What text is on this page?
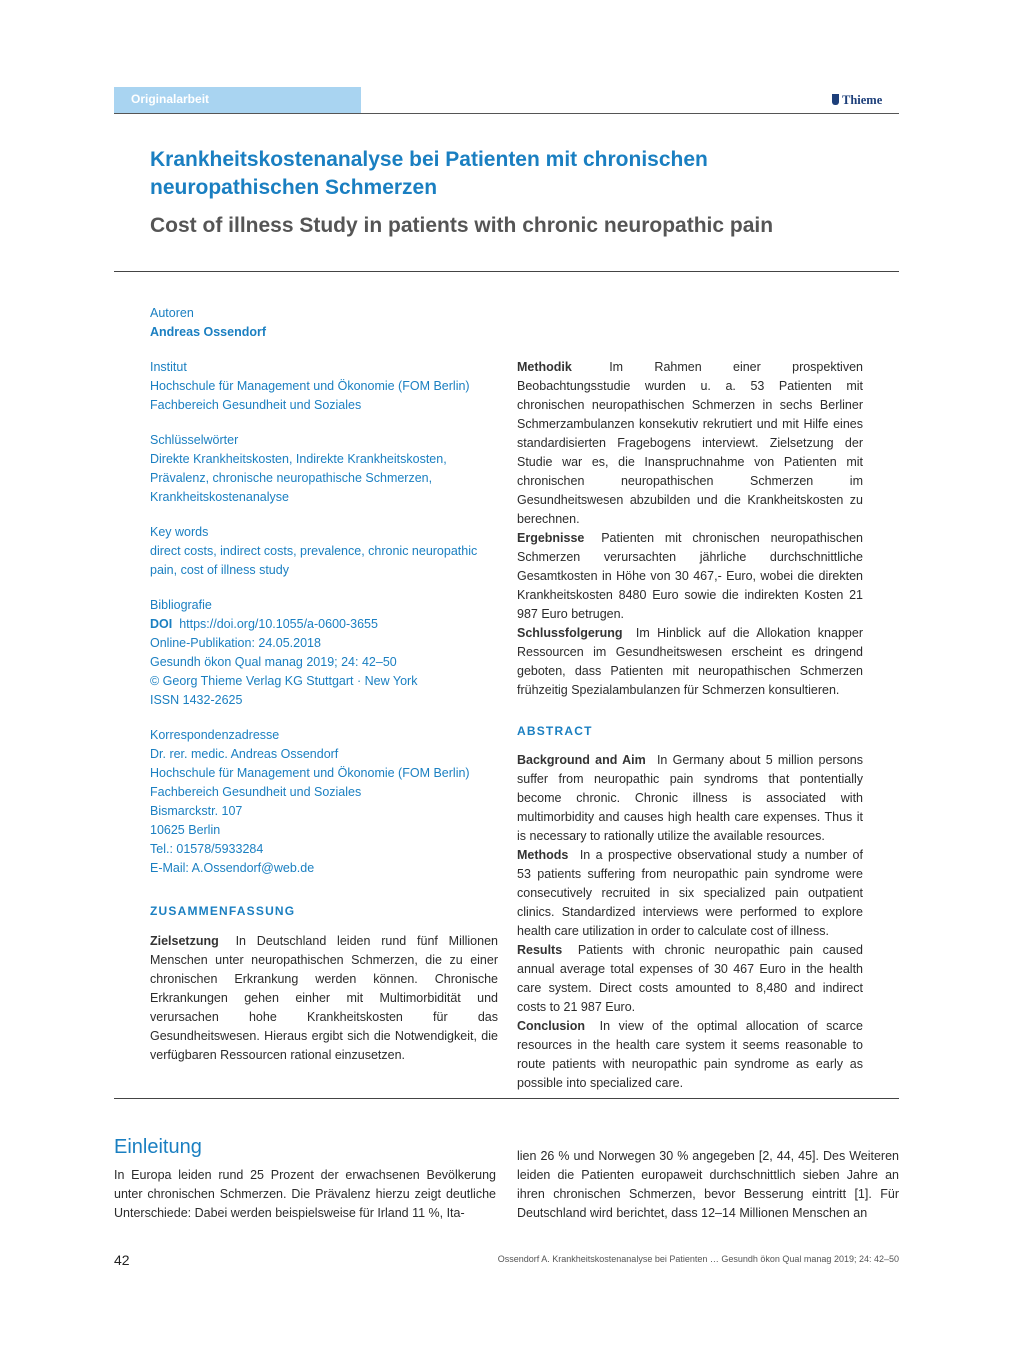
Originalarbeit	Thieme
Krankheitskostenanalyse bei Patienten mit chronischen
neuropathischen Schmerzen
Cost of illness Study in patients with chronic neuropathic pain
Autoren
Andreas Ossendorf
Institut
Hochschule für Management und Ökonomie (FOM Berlin)
Fachbereich Gesundheit und Soziales
Schlüsselwörter
Direkte Krankheitskosten, Indirekte Krankheitskosten,
Prävalenz, chronische neuropathische Schmerzen,
Krankheitskostenanalyse
Key words
direct costs, indirect costs, prevalence, chronic neuropathic
pain, cost of illness study
Bibliografie
DOI https://doi.org/10.1055/a-0600-3655
Online-Publikation: 24.05.2018
Gesundh ökon Qual manag 2019; 24: 42–50
© Georg Thieme Verlag KG Stuttgart · New York
ISSN 1432-2625
Korrespondenzadresse
Dr. rer. medic. Andreas Ossendorf
Hochschule für Management und Ökonomie (FOM Berlin)
Fachbereich Gesundheit und Soziales
Bismarckstr. 107
10625 Berlin
Tel.: 01578/5933284
E-Mail: A.Ossendorf@web.de
ZUSAMMENFASSUNG
Zielsetzung In Deutschland leiden rund fünf Millionen Menschen unter neuropathischen Schmerzen, die zu einer chronischen Erkrankung werden können. Chronische Erkrankungen gehen einher mit Multimorbidität und verursachen hohe Krankheitskosten für das Gesundheitswesen. Hieraus ergibt sich die Notwendigkeit, die verfügbaren Ressourcen rational einzusetzen.
Methodik	Im Rahmen einer prospektiven Beobachtungsstudie wurden u. a. 53 Patienten mit chronischen neuropathischen Schmerzen in sechs Berliner Schmerzambulanzen konsekutiv rekrutiert und mit Hilfe eines standardisierten Fragebogens interviewt. Zielsetzung der Studie war es, die Inanspruchnahme von Patienten mit chronischen neuropathischen Schmerzen im Gesundheitswesen abzubilden und die Krankheitskosten zu berechnen.
Ergebnisse Patienten mit chronischen neuropathischen Schmerzen verursachten jährliche durchschnittliche Gesamtkosten in Höhe von 30 467,- Euro, wobei die direkten Krankheitskosten 8480 Euro sowie die indirekten Kosten 21 987 Euro betrugen.
Schlussfolgerung Im Hinblick auf die Allokation knapper Ressourcen im Gesundheitswesen erscheint es dringend geboten, dass Patienten mit neuropathischen Schmerzen frühzeitig Spezialambulanzen für Schmerzen konsultieren.
ABSTRACT
Background and Aim In Germany about 5 million persons suffer from neuropathic pain syndroms that pontentially become chronic. Chronic illness is associated with multimorbidity and causes high health care expenses. Thus it is necessary to rationally utilize the available resources.
Methods In a prospective observational study a number of 53 patients suffering from neuropathic pain syndrome were consecutively recruited in six specialized pain outpatient clinics. Standardized interviews were performed to explore health care utilization in order to calculate cost of illness.
Results Patients with chronic neuropathic pain caused annual average total expenses of 30 467 Euro in the health care system. Direct costs amounted to 8,480 and indirect costs to 21 987 Euro.
Conclusion In view of the optimal allocation of scarce resources in the health care system it seems reasonable to route patients with neuropathic pain syndrome as early as possible into specialized care.
Einleitung
In Europa leiden rund 25 Prozent der erwachsenen Bevölkerung unter chronischen Schmerzen. Die Prävalenz hierzu zeigt deutliche Unterschiede: Dabei werden beispielsweise für Irland 11 %, Ita-
lien 26 % und Norwegen 30 % angegeben [2, 44, 45]. Des Weiteren leiden die Patienten europaweit durchschnittlich sieben Jahre an ihren chronischen Schmerzen, bevor Besserung eintritt [1]. Für Deutschland wird berichtet, dass 12–14 Millionen Menschen an
42	Ossendorf A. Krankheitskostenanalyse bei Patienten … Gesundh ökon Qual manag 2019; 24: 42–50
